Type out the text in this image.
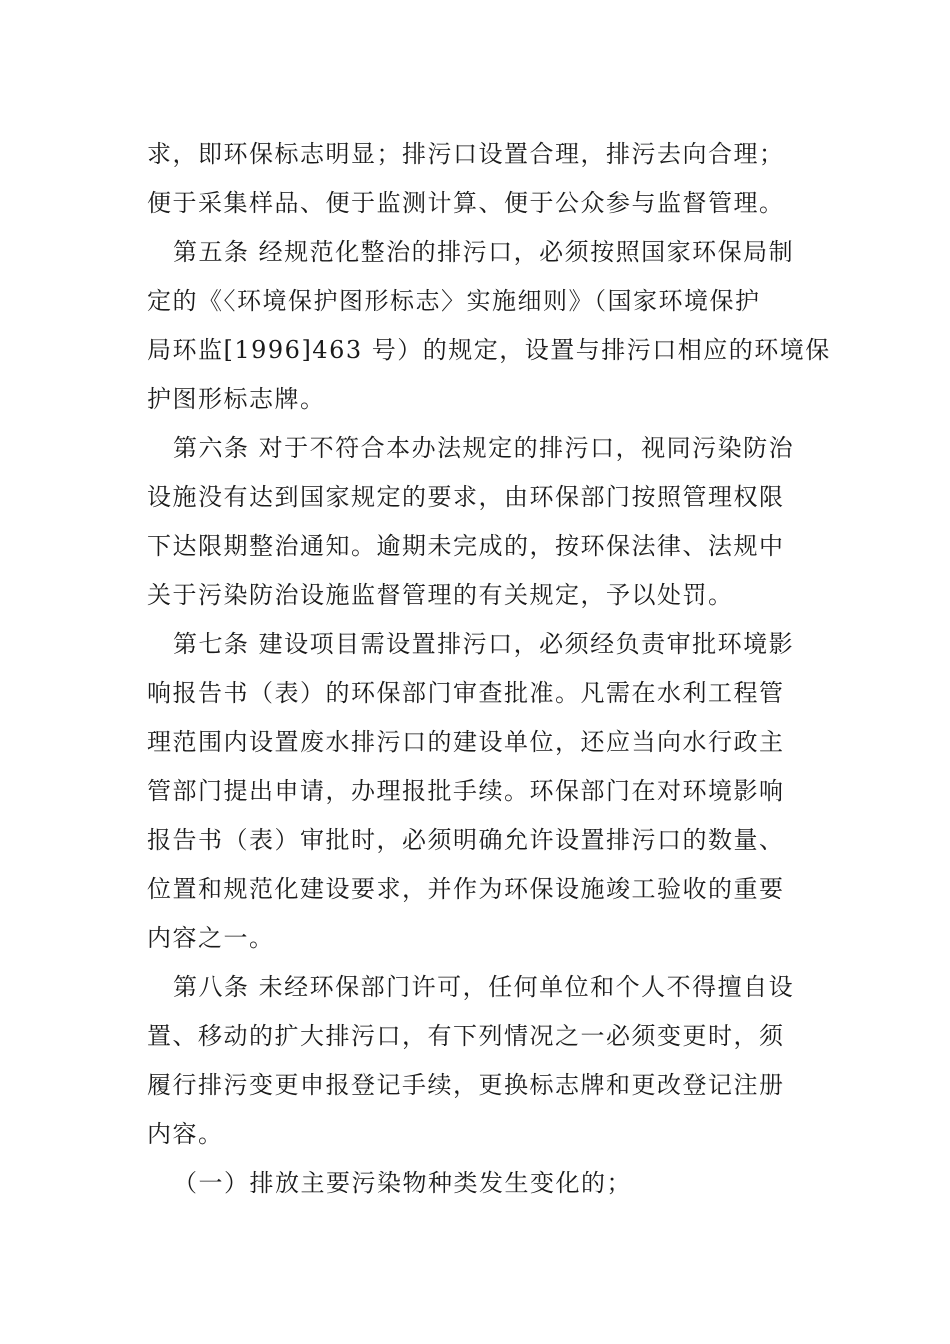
求，即环保标志明显；排污口设置合理，排污去向合理；
便于采集样品、便于监测计算、便于公众参与监督管理。
第五条 经规范化整治的排污口，必须按照国家环保局制
定的《〈环境保护图形标志〉实施细则》（国家环境保护
局环监[1996]463 号）的规定，设置与排污口相应的环境保
护图形标志牌。
第六条 对于不符合本办法规定的排污口，视同污染防治
设施没有达到国家规定的要求，由环保部门按照管理权限
下达限期整治通知。逾期未完成的，按环保法律、法规中
关于污染防治设施监督管理的有关规定，予以处罚。
第七条 建设项目需设置排污口，必须经负责审批环境影
响报告书（表）的环保部门审查批准。凡需在水利工程管
理范围内设置废水排污口的建设单位，还应当向水行政主
管部门提出申请，办理报批手续。环保部门在对环境影响
报告书（表）审批时，必须明确允许设置排污口的数量、
位置和规范化建设要求，并作为环保设施竣工验收的重要
内容之一。
第八条 未经环保部门许可，任何单位和个人不得擅自设
置、移动的扩大排污口，有下列情况之一必须变更时，须
履行排污变更申报登记手续，更换标志牌和更改登记注册
内容。
（一）排放主要污染物种类发生变化的；
